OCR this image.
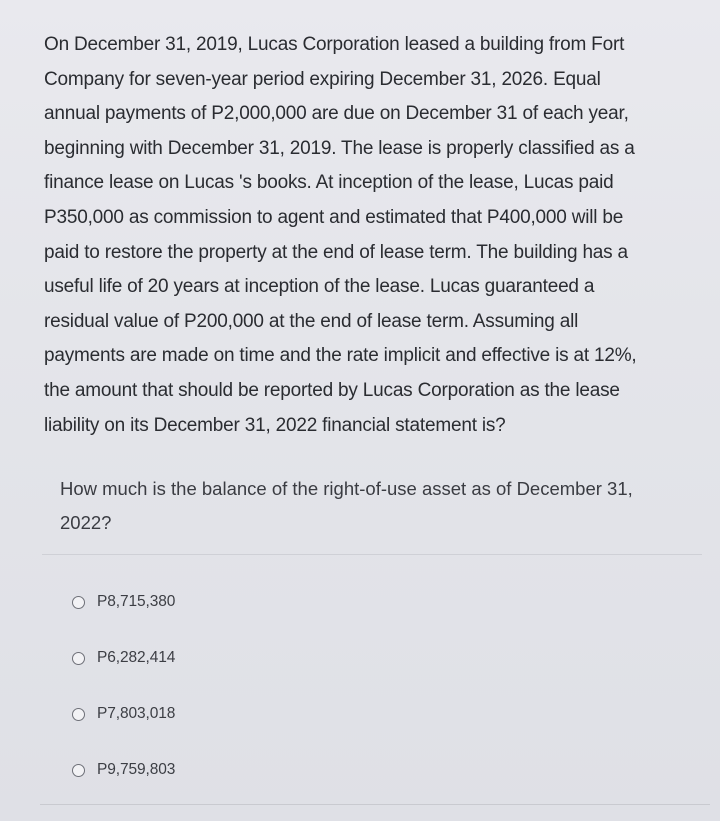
On December 31, 2019, Lucas Corporation leased a building from Fort
Company for seven-year period expiring December 31, 2026. Equal
annual payments of P2,000,000 are due on December 31 of each year,
beginning with December 31, 2019. The lease is properly classified as a
finance lease on Lucas 's books. At inception of the lease, Lucas paid
P350,000 as commission to agent and estimated that P400,000 will be
paid to restore the property at the end of lease term. The building has a
useful life of 20 years at inception of the lease. Lucas guaranteed a
residual value of P200,000 at the end of lease term. Assuming all
payments are made on time and the rate implicit and effective is at 12%,
the amount that should be reported by Lucas Corporation as the lease
liability on its December 31, 2022 financial statement is?

How much is the balance of the right-of-use asset as of December 31,
2022?

P8,715,380
P6,282,414
P7,803,018
P9,759,803
